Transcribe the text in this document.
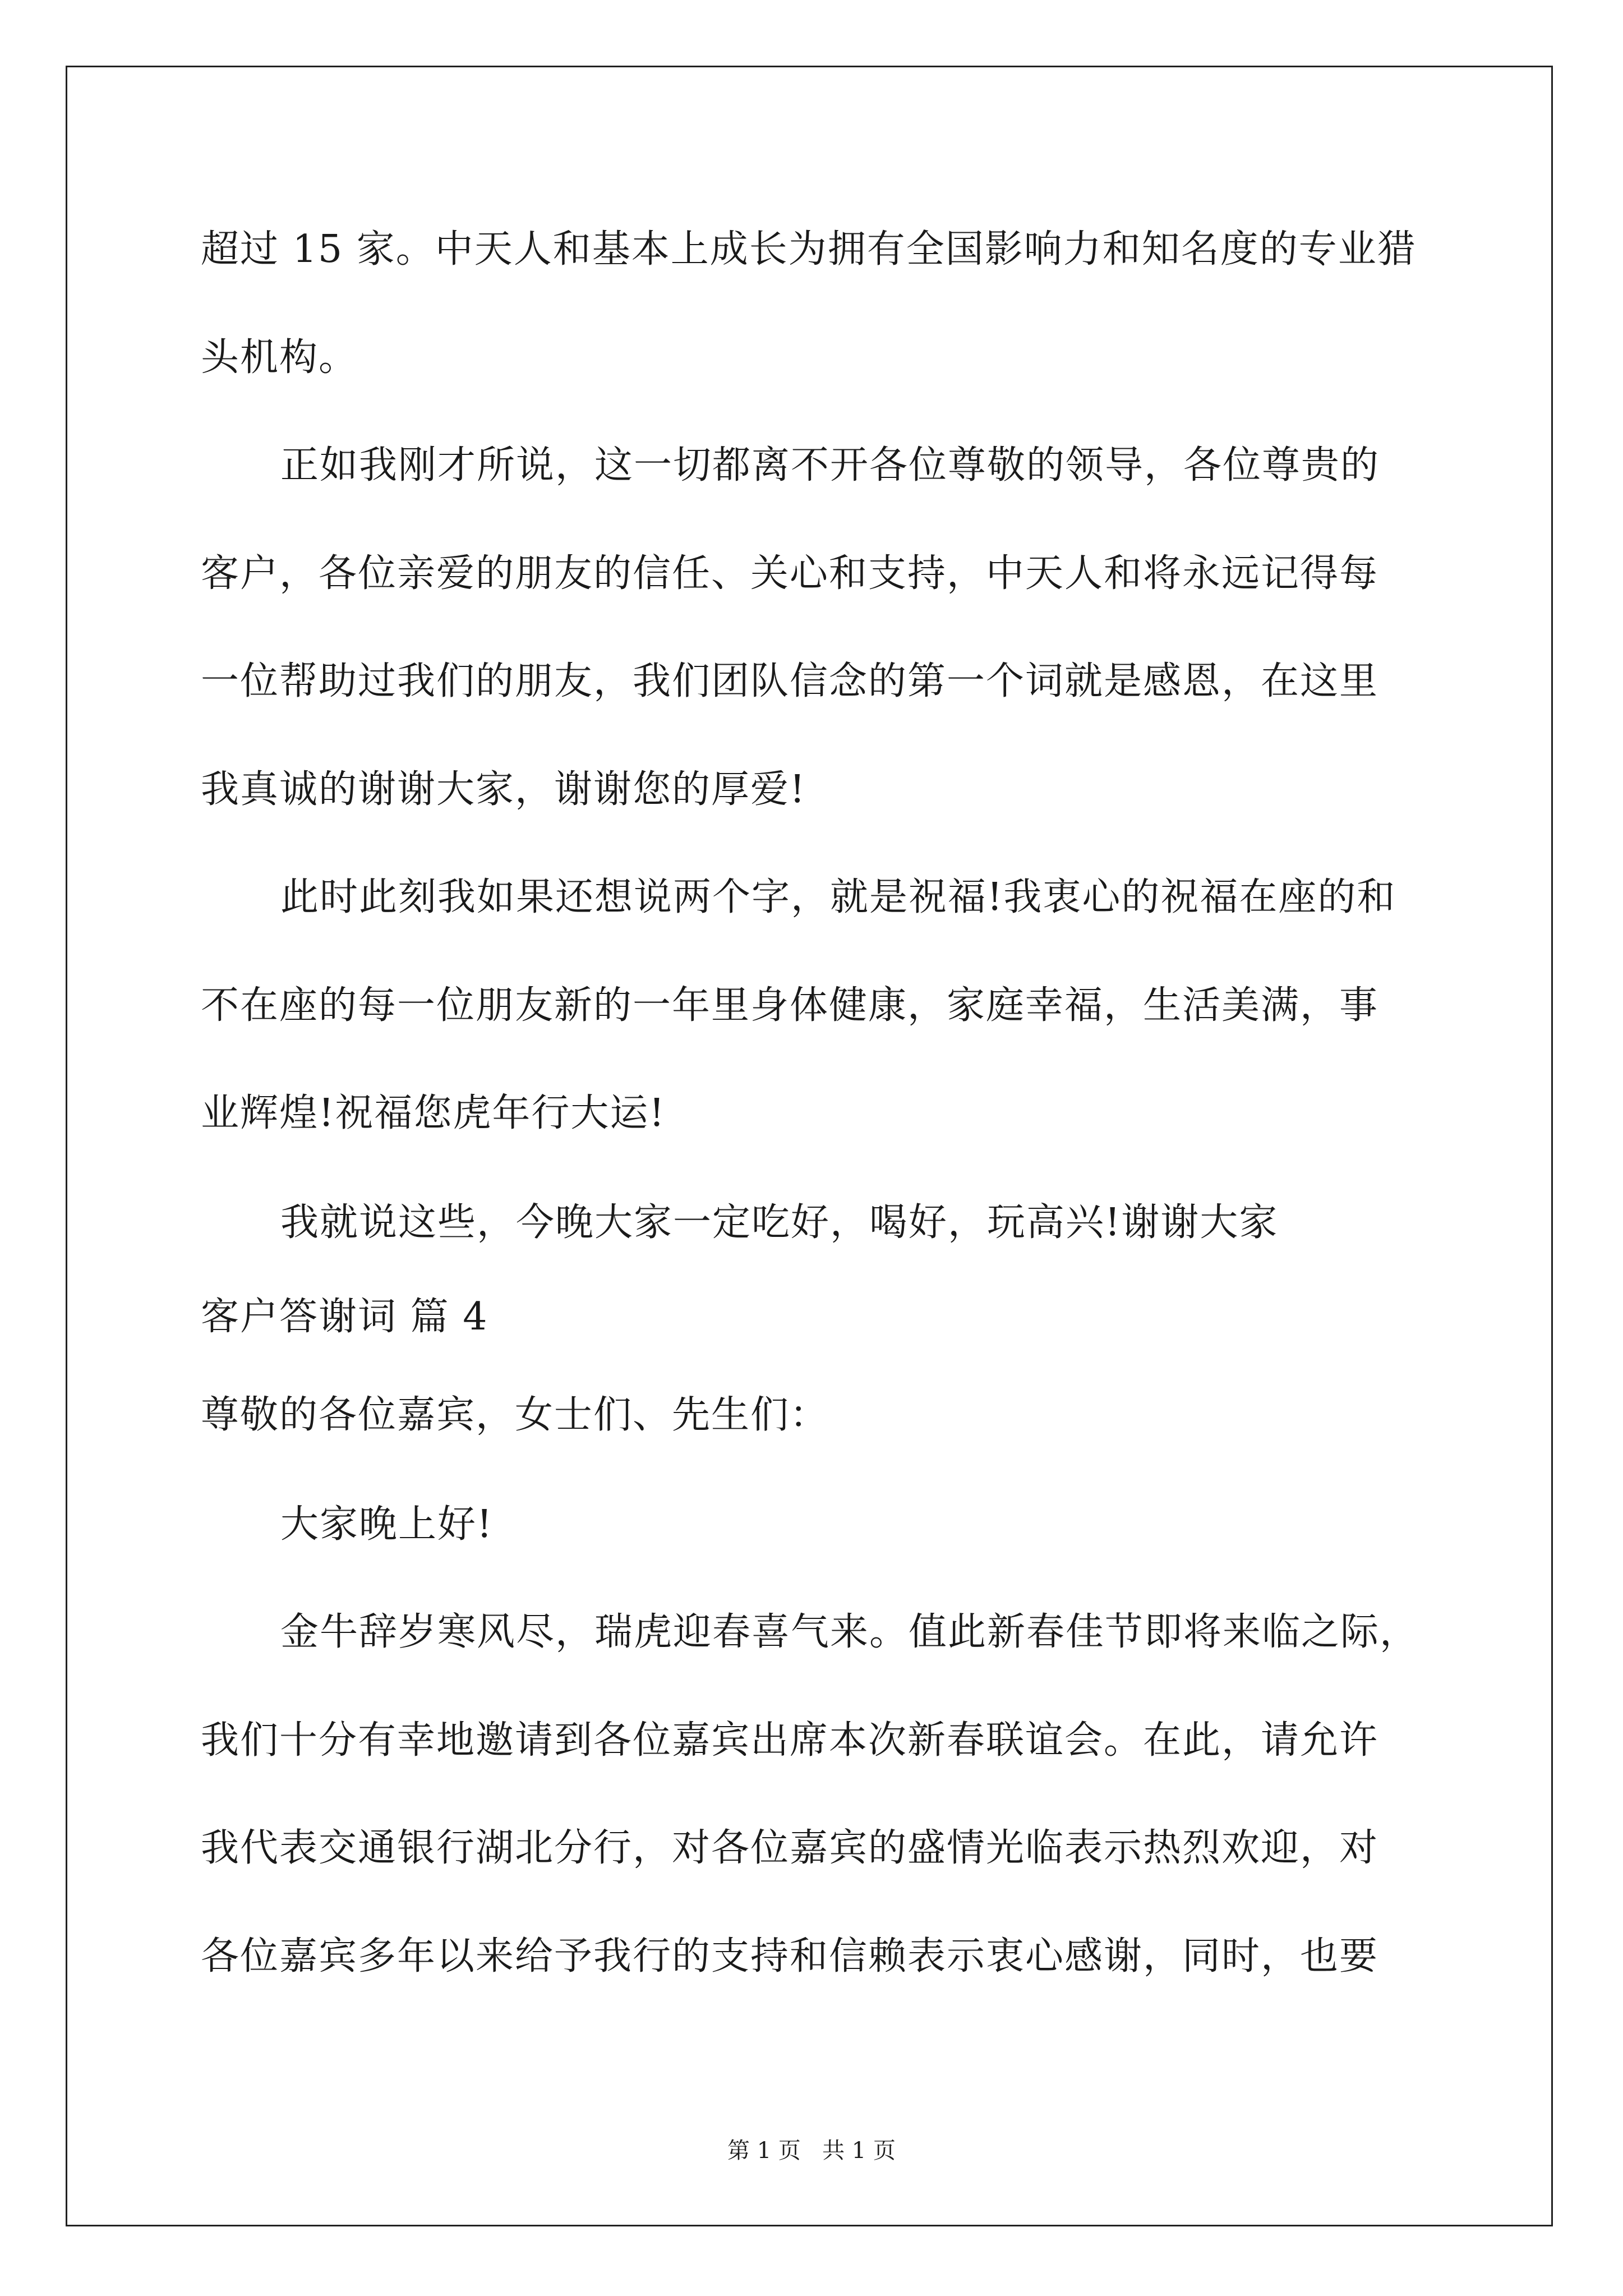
超过 15 家。中天人和基本上成长为拥有全国影响力和知名度的专业猎
头机构。
正如我刚才所说，这一切都离不开各位尊敬的领导，各位尊贵的
客户，各位亲爱的朋友的信任、关心和支持，中天人和将永远记得每
一位帮助过我们的朋友，我们团队信念的第一个词就是感恩，在这里
我真诚的谢谢大家，谢谢您的厚爱!
此时此刻我如果还想说两个字，就是祝福!我衷心的祝福在座的和
不在座的每一位朋友新的一年里身体健康，家庭幸福，生活美满，事
业辉煌!祝福您虎年行大运!
我就说这些，今晚大家一定吃好，喝好，玩高兴!谢谢大家
客户答谢词 篇 4
尊敬的各位嘉宾，女士们、先生们：
大家晚上好!
金牛辞岁寒风尽，瑞虎迎春喜气来。值此新春佳节即将来临之际，
我们十分有幸地邀请到各位嘉宾出席本次新春联谊会。在此，请允许
我代表交通银行湖北分行，对各位嘉宾的盛情光临表示热烈欢迎，对
各位嘉宾多年以来给予我行的支持和信赖表示衷心感谢，同时，也要
第 1 页   共 1 页
